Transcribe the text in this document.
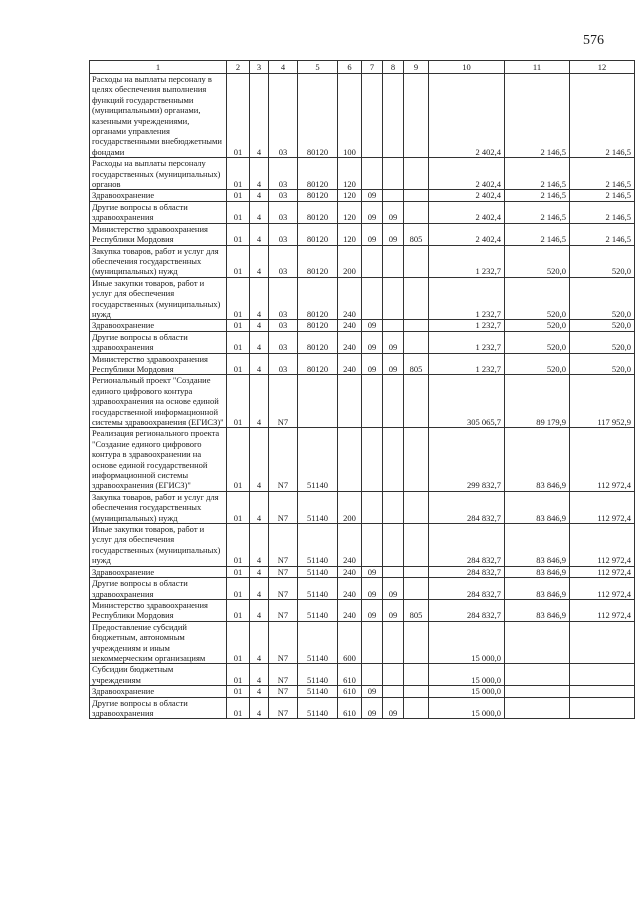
576
1	2	3	4	5	6	7	8	9	10	11	12
Расходы на выплаты персоналу в целях обеспечения выполнения функций государственными (муниципальными) органами, казенными учреждениями, органами управления государственными внебюджетными фондами	01	4	03	80120	100				2 402,4	2 146,5	2 146,5
Расходы на выплаты персоналу государственных (муниципальных) органов	01	4	03	80120	120				2 402,4	2 146,5	2 146,5
Здравоохранение	01	4	03	80120	120	09			2 402,4	2 146,5	2 146,5
Другие вопросы в области здравоохранения	01	4	03	80120	120	09	09		2 402,4	2 146,5	2 146,5
Министерство здравоохранения Республики Мордовия	01	4	03	80120	120	09	09	805	2 402,4	2 146,5	2 146,5
Закупка товаров, работ и услуг для обеспечения государственных (муниципальных) нужд	01	4	03	80120	200				1 232,7	520,0	520,0
Иные закупки товаров, работ и услуг для обеспечения государственных (муниципальных) нужд	01	4	03	80120	240				1 232,7	520,0	520,0
Здравоохранение	01	4	03	80120	240	09			1 232,7	520,0	520,0
Другие вопросы в области здравоохранения	01	4	03	80120	240	09	09		1 232,7	520,0	520,0
Министерство здравоохранения Республики Мордовия	01	4	03	80120	240	09	09	805	1 232,7	520,0	520,0
Региональный проект "Создание единого цифрового контура здравоохранения на основе единой государственной информационной системы здравоохранения (ЕГИСЗ)"	01	4	N7						305 065,7	89 179,9	117 952,9
Реализация регионального проекта "Создание единого цифрового контура в здравоохранении на основе единой государственной информационной системы здравоохранения (ЕГИСЗ)"	01	4	N7	51140					299 832,7	83 846,9	112 972,4
Закупка товаров, работ и услуг для обеспечения государственных (муниципальных) нужд	01	4	N7	51140	200				284 832,7	83 846,9	112 972,4
Иные закупки товаров, работ и услуг для обеспечения государственных (муниципальных) нужд	01	4	N7	51140	240				284 832,7	83 846,9	112 972,4
Здравоохранение	01	4	N7	51140	240	09			284 832,7	83 846,9	112 972,4
Другие вопросы в области здравоохранения	01	4	N7	51140	240	09	09		284 832,7	83 846,9	112 972,4
Министерство здравоохранения Республики Мордовия	01	4	N7	51140	240	09	09	805	284 832,7	83 846,9	112 972,4
Предоставление субсидий бюджетным, автономным учреждениям и иным некоммерческим организациям	01	4	N7	51140	600				15 000,0		
Субсидии бюджетным учреждениям	01	4	N7	51140	610				15 000,0		
Здравоохранение	01	4	N7	51140	610	09			15 000,0		
Другие вопросы в области здравоохранения	01	4	N7	51140	610	09	09		15 000,0		
